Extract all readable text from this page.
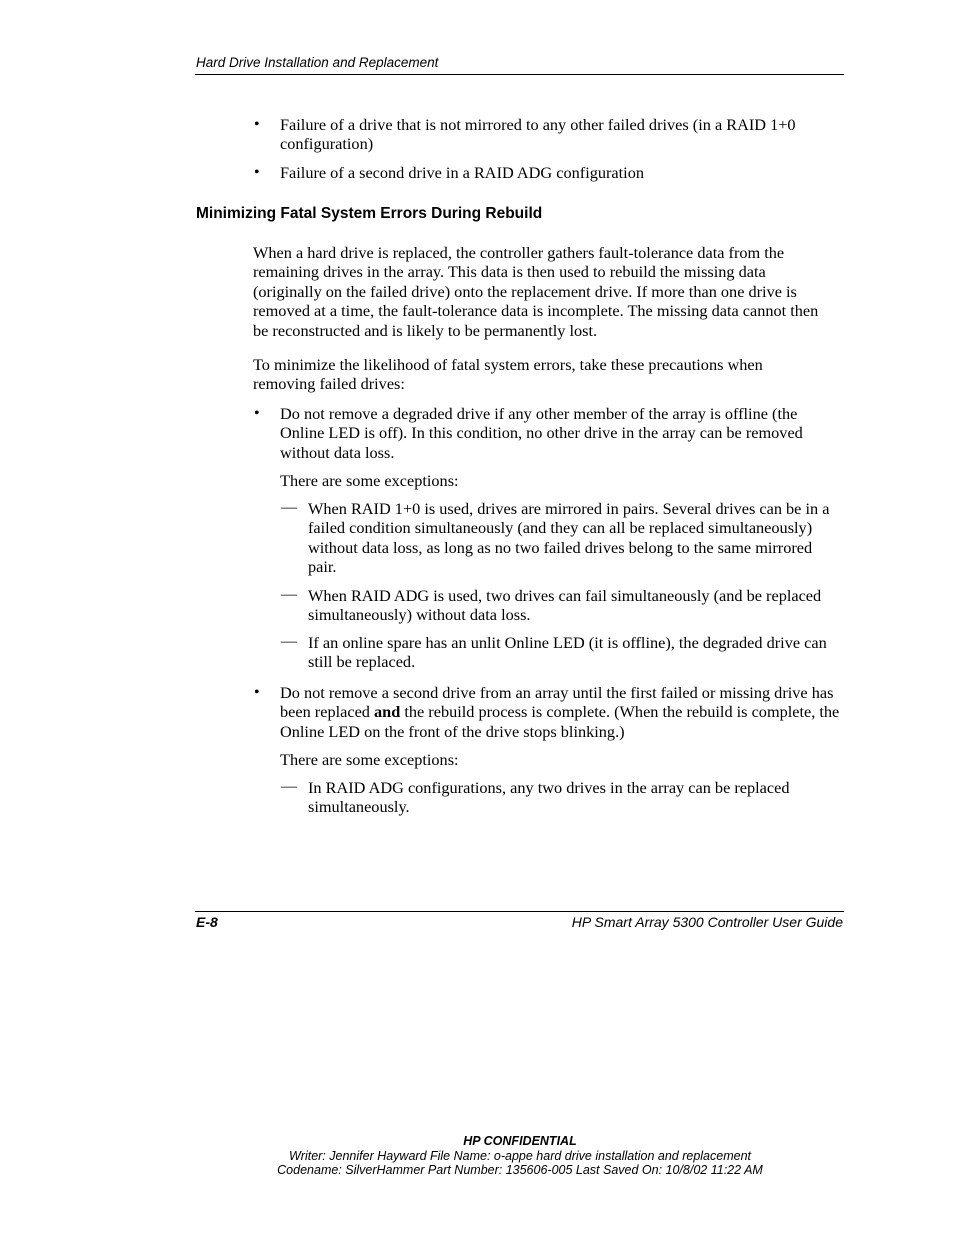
Hard Drive Installation and Replacement
• Failure of a drive that is not mirrored to any other failed drives (in a RAID 1+0 configuration)
• Failure of a second drive in a RAID ADG configuration
Minimizing Fatal System Errors During Rebuild
When a hard drive is replaced, the controller gathers fault-tolerance data from the remaining drives in the array. This data is then used to rebuild the missing data (originally on the failed drive) onto the replacement drive. If more than one drive is removed at a time, the fault-tolerance data is incomplete. The missing data cannot then be reconstructed and is likely to be permanently lost.
To minimize the likelihood of fatal system errors, take these precautions when removing failed drives:
• Do not remove a degraded drive if any other member of the array is offline (the Online LED is off). In this condition, no other drive in the array can be removed without data loss.
There are some exceptions:
— When RAID 1+0 is used, drives are mirrored in pairs. Several drives can be in a failed condition simultaneously (and they can all be replaced simultaneously) without data loss, as long as no two failed drives belong to the same mirrored pair.
— When RAID ADG is used, two drives can fail simultaneously (and be replaced simultaneously) without data loss.
— If an online spare has an unlit Online LED (it is offline), the degraded drive can still be replaced.
• Do not remove a second drive from an array until the first failed or missing drive has been replaced and the rebuild process is complete. (When the rebuild is complete, the Online LED on the front of the drive stops blinking.)
There are some exceptions:
— In RAID ADG configurations, any two drives in the array can be replaced simultaneously.
E-8	HP Smart Array 5300 Controller User Guide
HP CONFIDENTIAL
Writer: Jennifer Hayward File Name: o-appe hard drive installation and replacement
Codename: SilverHammer Part Number: 135606-005 Last Saved On: 10/8/02 11:22 AM
